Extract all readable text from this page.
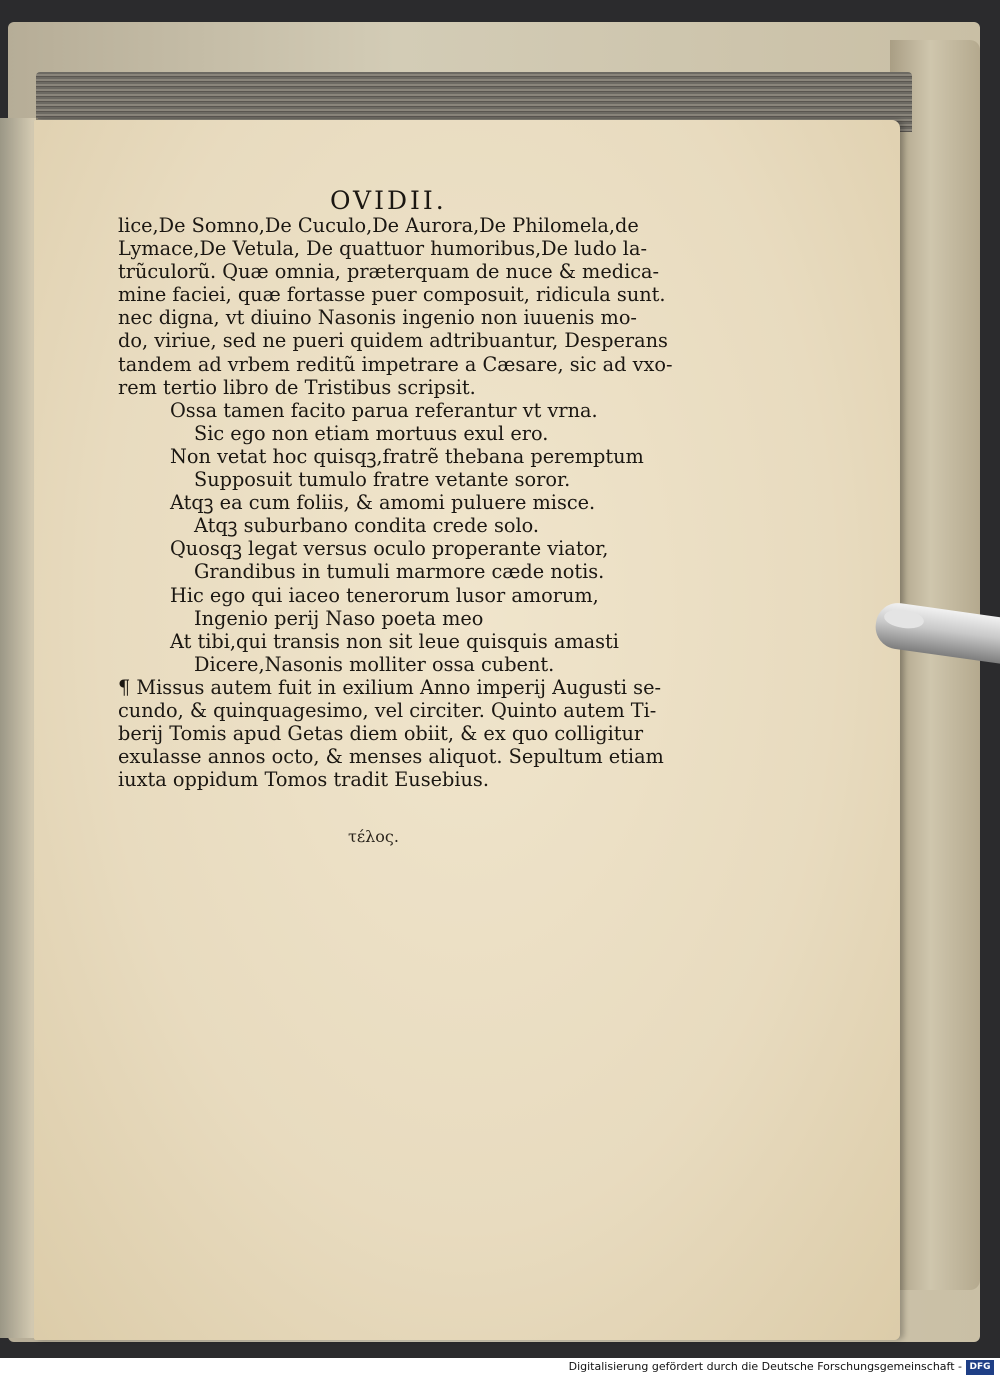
OVIDII.
lice,De Somno,De Cuculo,De Aurora,De Philomela,de
Lymace,De Vetula, De quattuor humoribus,De ludo la-
trũculorũ. Quæ omnia, præterquam de nuce & medica-
mine faciei, quæ fortasse puer composuit, ridicula sunt.
nec digna, vt diuino Nasonis ingenio non iuuenis mo-
do, viriue, sed ne pueri quidem adtribuantur, Desperans
tandem ad vrbem reditũ impetrare a Cæsare, sic ad vxo-
rem tertio libro de Tristibus scripsit.
Ossa tamen facito parua referantur vt vrna.
Sic ego non etiam mortuus exul ero.
Non vetat hoc quisqꝫ,fratrẽ thebana peremptum
Supposuit tumulo fratre vetante soror.
Atqꝫ ea cum foliis, & amomi puluere misce.
Atqꝫ suburbano condita crede solo.
Quosqꝫ legat versus oculo properante viator,
Grandibus in tumuli marmore cæde notis.
Hic ego qui iaceo tenerorum lusor amorum,
Ingenio perij Naso poeta meo
At tibi,qui transis non sit leue quisquis amasti
Dicere,Nasonis molliter ossa cubent.
¶ Missus autem fuit in exilium Anno imperij Augusti se-
cundo, & quinquagesimo, vel circiter. Quinto autem Ti-
berij Tomis apud Getas diem obiit, & ex quo colligitur
exulasse annos octo, & menses aliquot. Sepultum etiam
iuxta oppidum Tomos tradit Eusebius.
τέλος.
Digitalisierung gefördert durch die Deutsche Forschungsgemeinschaft - DFG
